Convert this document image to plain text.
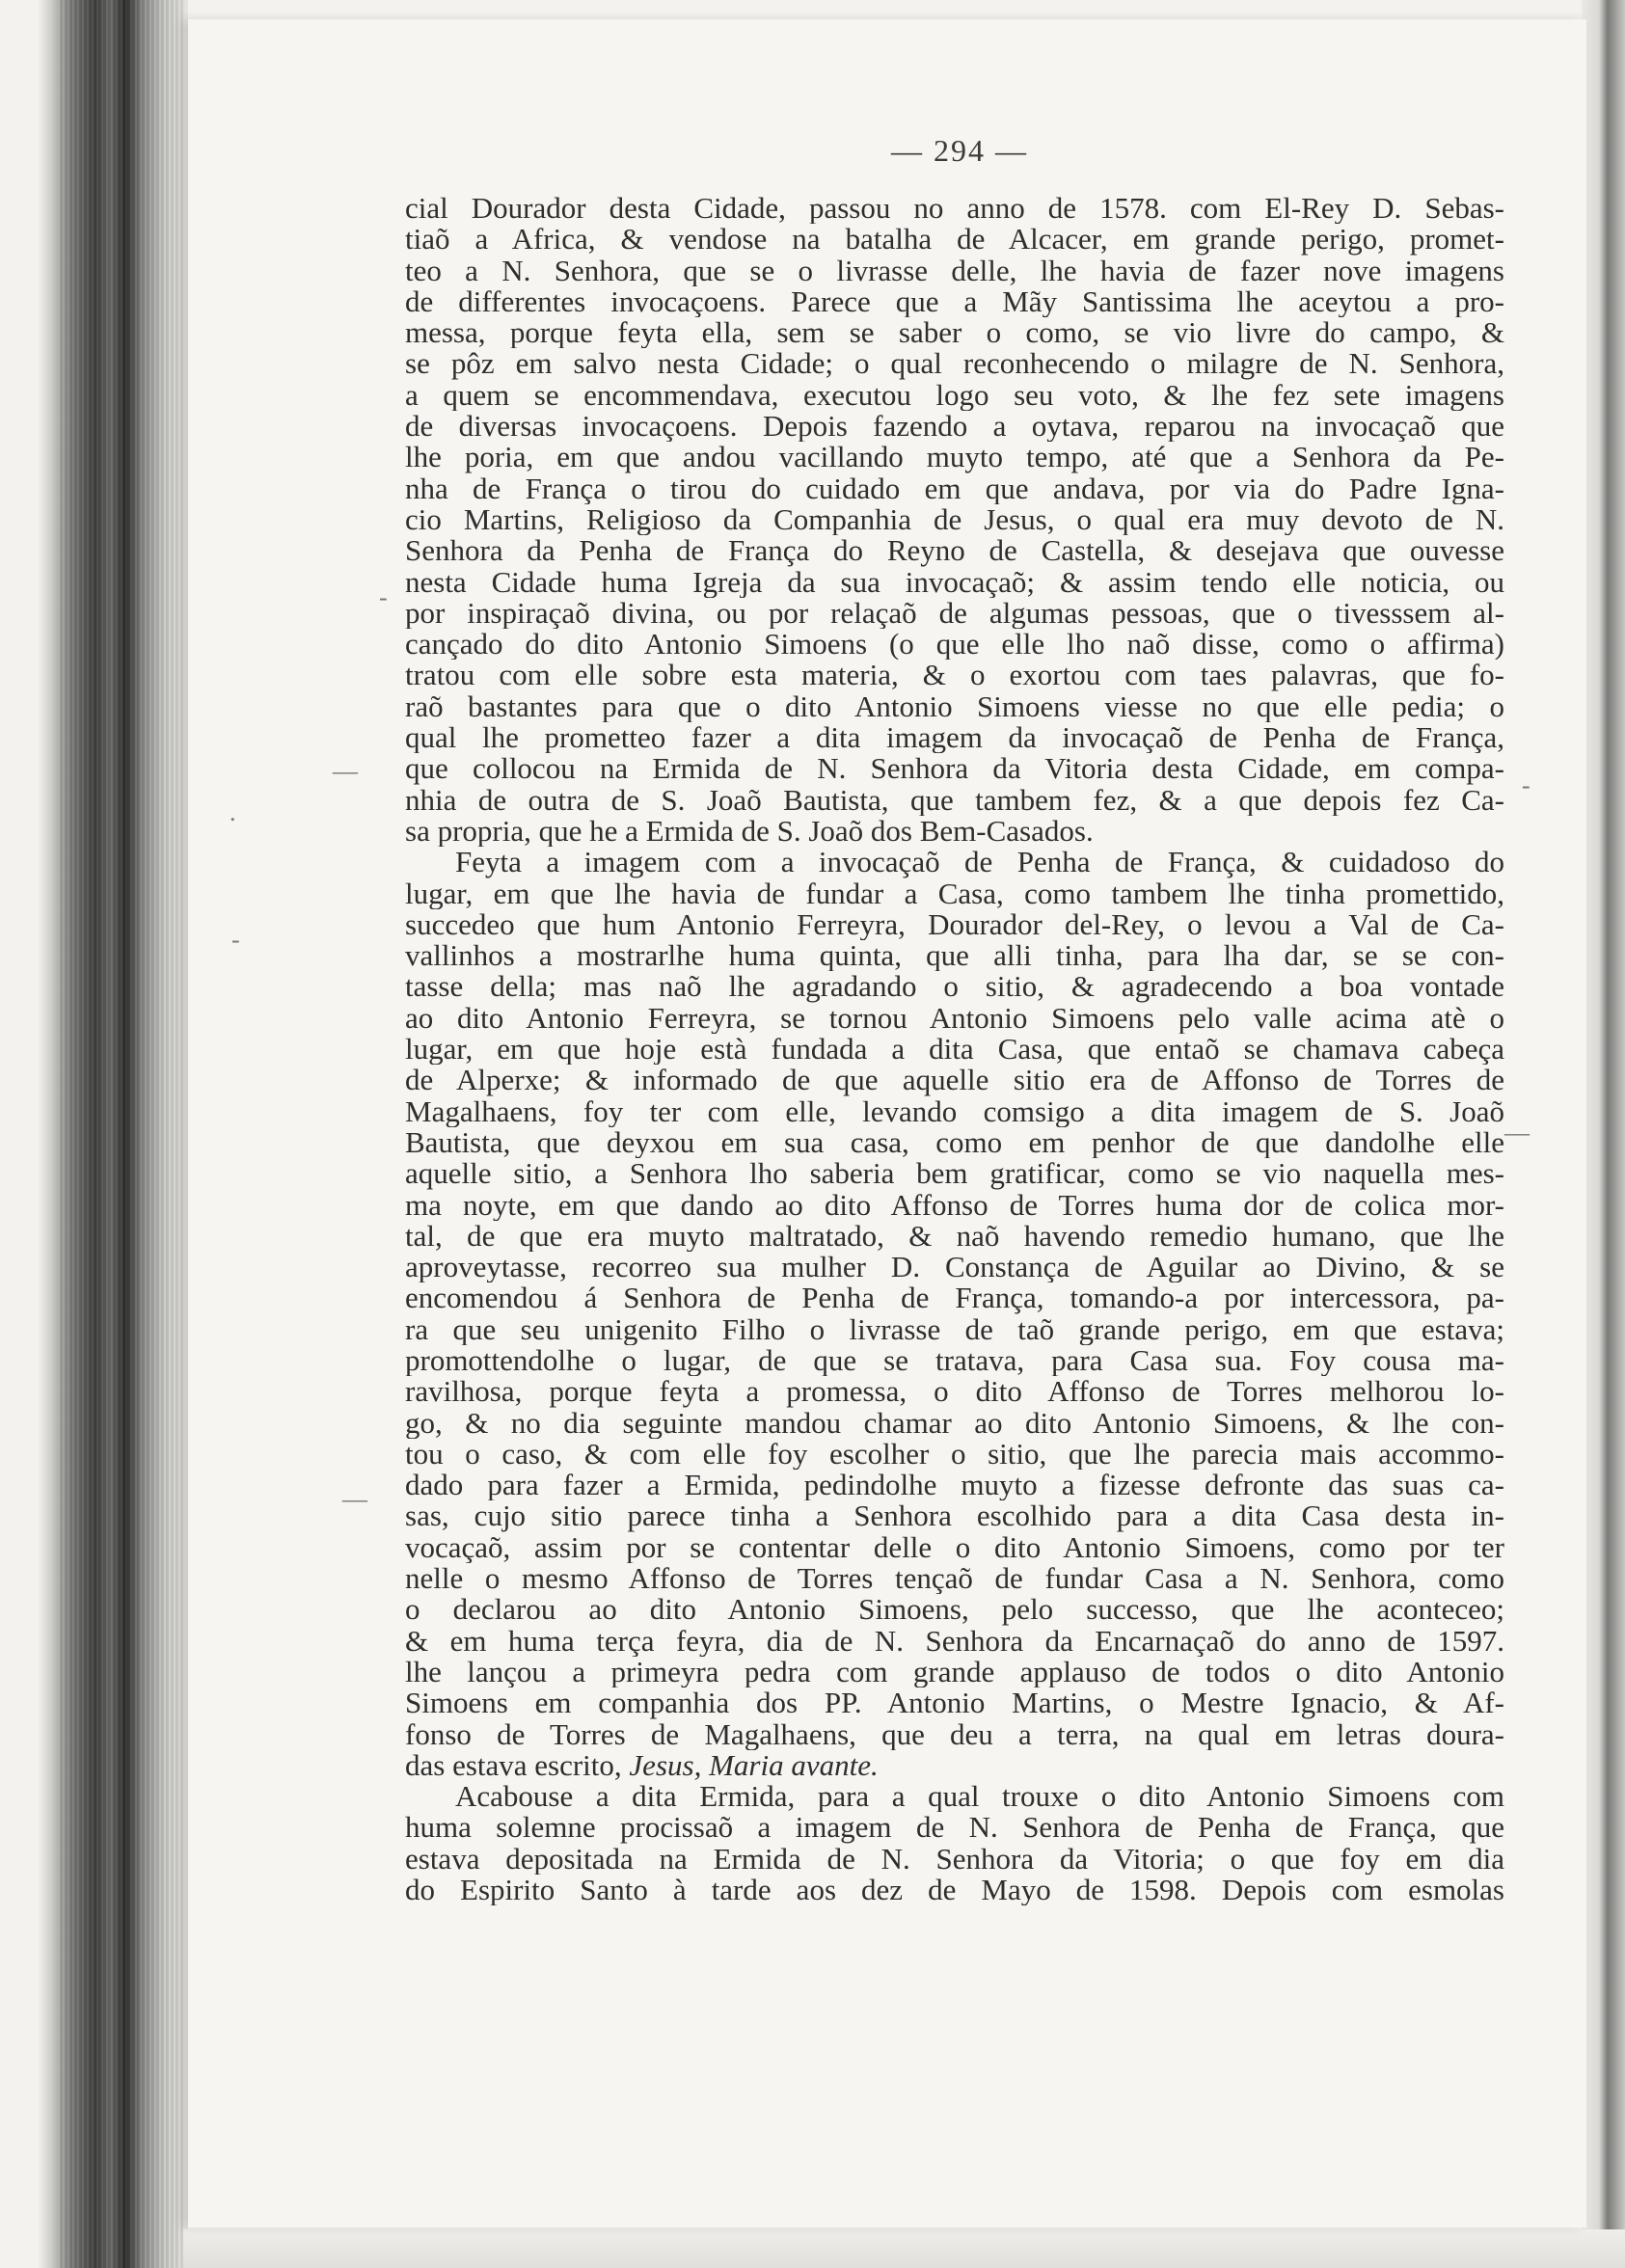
— 294 —
cial Dourador desta Cidade, passou no anno de 1578. com El-Rey D. Sebas-
tiaõ a Africa, & vendose na batalha de Alcacer, em grande perigo, promet-
teo a N. Senhora, que se o livrasse delle, lhe havia de fazer nove imagens
de differentes invocaçoens. Parece que a Mãy Santissima lhe aceytou a pro-
messa, porque feyta ella, sem se saber o como, se vio livre do campo, &
se pôz em salvo nesta Cidade; o qual reconhecendo o milagre de N. Senhora,
a quem se encommendava, executou logo seu voto, & lhe fez sete imagens
de diversas invocaçoens. Depois fazendo a oytava, reparou na invocaçaõ que
lhe poria, em que andou vacillando muyto tempo, até que a Senhora da Pe-
nha de França o tirou do cuidado em que andava, por via do Padre Igna-
cio Martins, Religioso da Companhia de Jesus, o qual era muy devoto de N.
Senhora da Penha de França do Reyno de Castella, & desejava que ouvesse
nesta Cidade huma Igreja da sua invocaçaõ; & assim tendo elle noticia, ou
por inspiraçaõ divina, ou por relaçaõ de algumas pessoas, que o tivesssem al-
cançado do dito Antonio Simoens (o que elle lho naõ disse, como o affirma)
tratou com elle sobre esta materia, & o exortou com taes palavras, que fo-
raõ bastantes para que o dito Antonio Simoens viesse no que elle pedia; o
qual lhe prometteo fazer a dita imagem da invocaçaõ de Penha de França,
que collocou na Ermida de N. Senhora da Vitoria desta Cidade, em compa-
nhia de outra de S. Joaõ Bautista, que tambem fez, & a que depois fez Ca-
sa propria, que he a Ermida de S. Joaõ dos Bem-Casados.
Feyta a imagem com a invocaçaõ de Penha de França, & cuidadoso do
lugar, em que lhe havia de fundar a Casa, como tambem lhe tinha promettido,
succedeo que hum Antonio Ferreyra, Dourador del-Rey, o levou a Val de Ca-
vallinhos a mostrarlhe huma quinta, que alli tinha, para lha dar, se se con-
tasse della; mas naõ lhe agradando o sitio, & agradecendo a boa vontade
ao dito Antonio Ferreyra, se tornou Antonio Simoens pelo valle acima atè o
lugar, em que hoje està fundada a dita Casa, que entaõ se chamava cabeça
de Alperxe; & informado de que aquelle sitio era de Affonso de Torres de
Magalhaens, foy ter com elle, levando comsigo a dita imagem de S. Joaõ
Bautista, que deyxou em sua casa, como em penhor de que dandolhe elle
aquelle sitio, a Senhora lho saberia bem gratificar, como se vio naquella mes-
ma noyte, em que dando ao dito Affonso de Torres huma dor de colica mor-
tal, de que era muyto maltratado, & naõ havendo remedio humano, que lhe
aproveytasse, recorreo sua mulher D. Constança de Aguilar ao Divino, & se
encomendou á Senhora de Penha de França, tomando-a por intercessora, pa-
ra que seu unigenito Filho o livrasse de taõ grande perigo, em que estava;
promottendolhe o lugar, de que se tratava, para Casa sua. Foy cousa ma-
ravilhosa, porque feyta a promessa, o dito Affonso de Torres melhorou lo-
go, & no dia seguinte mandou chamar ao dito Antonio Simoens, & lhe con-
tou o caso, & com elle foy escolher o sitio, que lhe parecia mais accommo-
dado para fazer a Ermida, pedindolhe muyto a fizesse defronte das suas ca-
sas, cujo sitio parece tinha a Senhora escolhido para a dita Casa desta in-
vocaçaõ, assim por se contentar delle o dito Antonio Simoens, como por ter
nelle o mesmo Affonso de Torres tençaõ de fundar Casa a N. Senhora, como
o declarou ao dito Antonio Simoens, pelo successo, que lhe aconteceo;
& em huma terça feyra, dia de N. Senhora da Encarnaçaõ do anno de 1597.
lhe lançou a primeyra pedra com grande applauso de todos o dito Antonio
Simoens em companhia dos PP. Antonio Martins, o Mestre Ignacio, & Af-
fonso de Torres de Magalhaens, que deu a terra, na qual em letras doura-
das estava escrito, Jesus, Maria avante.
Acabouse a dita Ermida, para a qual trouxe o dito Antonio Simoens com
huma solemne procissaõ a imagem de N. Senhora de Penha de França, que
estava depositada na Ermida de N. Senhora da Vitoria; o que foy em dia
do Espirito Santo à tarde aos dez de Mayo de 1598. Depois com esmolas
-
—
-
.
-
—
—
